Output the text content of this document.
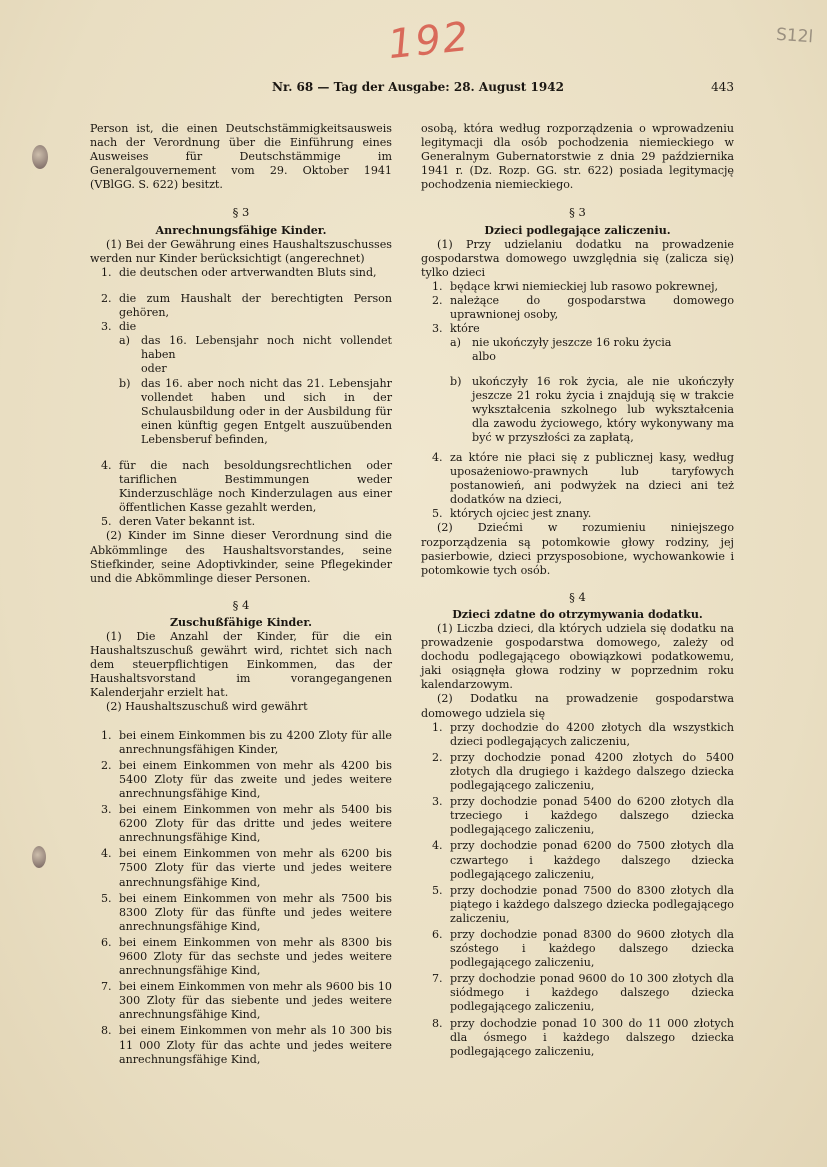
192	S12l
Nr. 68 — Tag der Ausgabe: 28. August 1942	443

Person ist, die einen Deutschstämmigkeitsausweis nach der Verordnung über die Einführung eines Ausweises für Deutschstämmige im Generalgouvernement vom 29. Oktober 1941 (VBlGG. S. 622) besitzt.

§ 3

Anrechnungsfähige Kinder.

(1) Bei der Gewährung eines Haushaltszuschusses werden nur Kinder berücksichtigt (angerechnet)

1. die deutschen oder artverwandten Bluts sind,

2. die zum Haushalt der berechtigten Person gehören,

3. die

a) das 16. Lebensjahr noch nicht vollendet haben

oder

b) das 16. aber noch nicht das 21. Lebensjahr vollendet haben und sich in der Schulausbildung oder in der Ausbildung für einen künftig gegen Entgelt auszuübenden Lebensberuf befinden,

4. für die nach besoldungsrechtlichen oder tariflichen Bestimmungen weder Kinderzuschläge noch Kinderzulagen aus einer öffentlichen Kasse gezahlt werden,

5. deren Vater bekannt ist.

(2) Kinder im Sinne dieser Verordnung sind die Abkömmlinge des Haushaltsvorstandes, seine Stiefkinder, seine Adoptivkinder, seine Pflegekinder und die Abkömmlinge dieser Personen.

§ 4

Zuschußfähige Kinder.

(1) Die Anzahl der Kinder, für die ein Haushaltszuschuß gewährt wird, richtet sich nach dem steuerpflichtigen Einkommen, das der Haushaltsvorstand im vorangegangenen Kalenderjahr erzielt hat.

(2) Haushaltszuschuß wird gewährt

1. bei einem Einkommen bis zu 4200 Zloty für alle anrechnungsfähigen Kinder,

2. bei einem Einkommen von mehr als 4200 bis 5400 Zloty für das zweite und jedes weitere anrechnungsfähige Kind,

3. bei einem Einkommen von mehr als 5400 bis 6200 Zloty für das dritte und jedes weitere anrechnungsfähige Kind,

4. bei einem Einkommen von mehr als 6200 bis 7500 Zloty für das vierte und jedes weitere anrechnungsfähige Kind,

5. bei einem Einkommen von mehr als 7500 bis 8300 Zloty für das fünfte und jedes weitere anrechnungsfähige Kind,

6. bei einem Einkommen von mehr als 8300 bis 9600 Zloty für das sechste und jedes weitere anrechnungsfähige Kind,

7. bei einem Einkommen von mehr als 9600 bis 10 300 Zloty für das siebente und jedes weitere anrechnungsfähige Kind,

8. bei einem Einkommen von mehr als 10 300 bis 11 000 Zloty für das achte und jedes weitere anrechnungsfähige Kind,

osobą, która według rozporządzenia o wprowadzeniu legitymacji dla osób pochodzenia niemieckiego w Generalnym Gubernatorstwie z dnia 29 października 1941 r. (Dz. Rozp. GG. str. 622) posiada legitymację pochodzenia niemieckiego.

§ 3

Dzieci podlegające zaliczeniu.

(1) Przy udzielaniu dodatku na prowadzenie gospodarstwa domowego uwzględnia się (zalicza się) tylko dzieci

1. będące krwi niemieckiej lub rasowo pokrewnej,

2. należące do gospodarstwa domowego uprawnionej osoby,

3. które

a) nie ukończyły jeszcze 16 roku życia

albo

b) ukończyły 16 rok życia, ale nie ukończyły jeszcze 21 roku życia i znajdują się w trakcie wykształcenia szkolnego lub wykształcenia dla zawodu życiowego, który wykonywany ma być w przyszłości za zapłatą,

4. za które nie płaci się z publicznej kasy, według uposażeniowo-prawnych lub taryfowych postanowień, ani podwyżek na dzieci ani też dodatków na dzieci,

5. których ojciec jest znany.

(2) Dziećmi w rozumieniu niniejszego rozporządzenia są potomkowie głowy rodziny, jej pasierbowie, dzieci przysposobione, wychowankowie i potomkowie tych osób.

§ 4

Dzieci zdatne do otrzymywania dodatku.

(1) Liczba dzieci, dla których udziela się dodatku na prowadzenie gospodarstwa domowego, zależy od dochodu podlegającego obowiązkowi podatkowemu, jaki osiągnęła głowa rodziny w poprzednim roku kalendarzowym.

(2) Dodatku na prowadzenie gospodarstwa domowego udziela się

1. przy dochodzie do 4200 złotych dla wszystkich dzieci podlegających zaliczeniu,

2. przy dochodzie ponad 4200 złotych do 5400 złotych dla drugiego i każdego dalszego dziecka podlegającego zaliczeniu,

3. przy dochodzie ponad 5400 do 6200 złotych dla trzeciego i każdego dalszego dziecka podlegającego zaliczeniu,

4. przy dochodzie ponad 6200 do 7500 złotych dla czwartego i każdego dalszego dziecka podlegającego zaliczeniu,

5. przy dochodzie ponad 7500 do 8300 złotych dla piątego i każdego dalszego dziecka podlegającego zaliczeniu,

6. przy dochodzie ponad 8300 do 9600 złotych dla szóstego i każdego dalszego dziecka podlegającego zaliczeniu,

7. przy dochodzie ponad 9600 do 10 300 złotych dla siódmego i każdego dalszego dziecka podlegającego zaliczeniu,

8. przy dochodzie ponad 10 300 do 11 000 złotych dla ósmego i każdego dalszego dziecka podlegającego zaliczeniu,
